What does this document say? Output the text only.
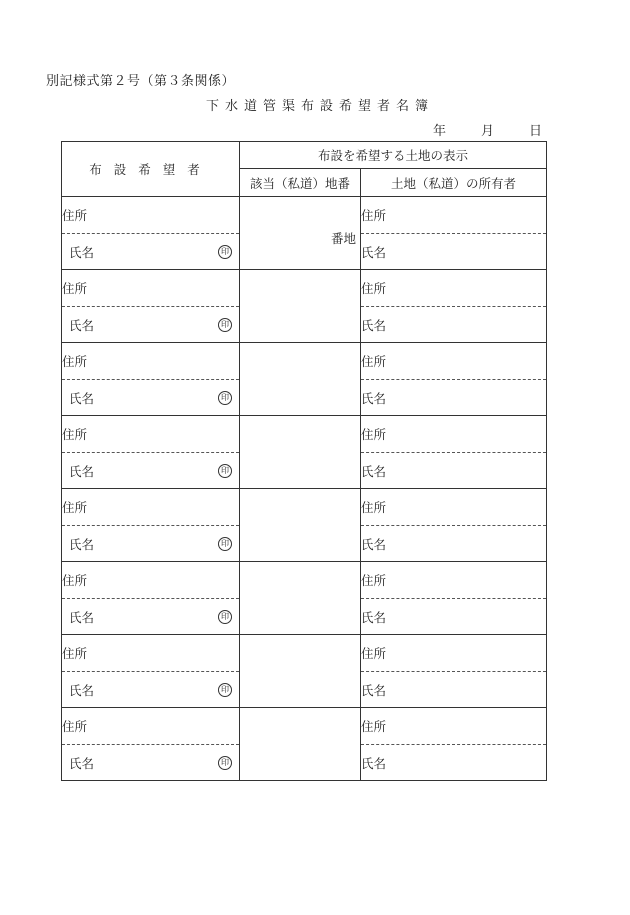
別記様式第２号（第３条関係）
下水道管渠布設希望者名簿
年	月	日
布設希望者	布設を希望する土地の表示	
	該当（私道）地番	土地（私道）の所有者
住所	番地	住所

氏名 印		氏名
住所		住所

氏名 印		氏名
住所		住所

氏名 印		氏名
住所		住所

氏名 印		氏名
住所		住所

氏名 印		氏名
住所		住所

氏名 印		氏名
住所		住所

氏名 印		氏名
住所		住所

氏名 印		氏名
